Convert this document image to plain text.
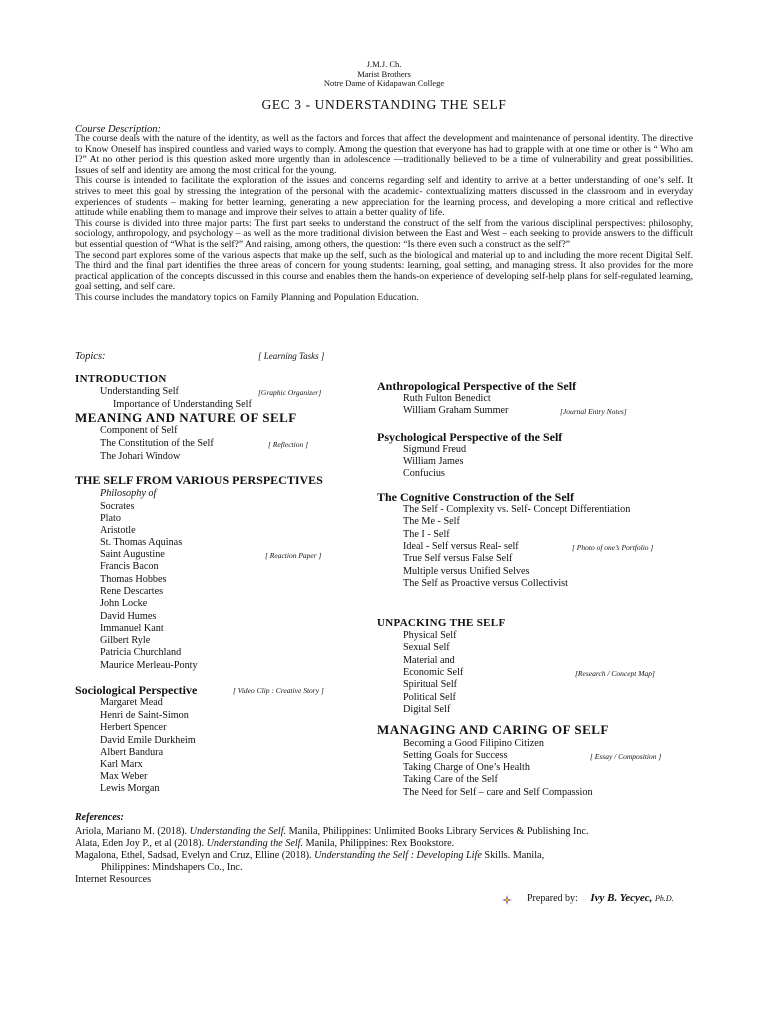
J.M.J. Ch.
Marist Brothers
Notre Dame of Kidapawan College
GEC 3 - UNDERSTANDING THE SELF
Course Description:

The course deals with the nature of the identity, as well as the factors and forces that affect the development and maintenance of personal identity. The directive to Know Oneself has inspired countless and varied ways to comply. Among the question that everyone has had to grapple with at one time or other is “ Who am I?” At no other period is this question asked more urgently than in adolescence —traditionally believed to be a time of vulnerability and great possibilities. Issues of self and identity are among the most critical for the young.

This course is intended to facilitate the exploration of the issues and concerns regarding self and identity to arrive at a better understanding of one’s self. It strives to meet this goal by stressing the integration of the personal with the academic- contextualizing matters discussed in the classroom and in everyday experiences of students – making for better learning, generating a new appreciation for the learning process, and developing a more critical and reflective attitude while enabling them to manage and improve their selves to attain a better quality of life.

This course is divided into three major parts: The first part seeks to understand the construct of the self from the various disciplinal perspectives: philosophy, sociology, anthropology, and psychology – as well as the more traditional division between the East and West – each seeking to provide answers to the difficult but essential question of “What is the self?” And raising, among others, the question: “Is there even such a construct as the self?”

The second part explores some of the various aspects that make up the self, such as the biological and material up to and including the more recent Digital Self. The third and the final part identifies the three areas of concern for young students: learning, goal setting, and managing stress. It also provides for the more practical application of the concepts discussed in this course and enables them the hands-on experience of developing self-help plans for self-regulated learning, goal setting, and self care.

This course includes the mandatory topics on Family Planning and Population Education.

Topics:	[ Learning Tasks ]
INTRODUCTION
Understanding Self	[Graphic Organizer]
Importance of Understanding Self
MEANING AND NATURE OF SELF
Component of Self
The Constitution of the Self	[ Reflection ]
The Johari Window
THE SELF FROM VARIOUS PERSPECTIVES
Philosophy of
Socrates
Plato
Aristotle
St. Thomas Aquinas
Saint Augustine	[ Reaction Paper ]
Francis Bacon
Thomas Hobbes
Rene Descartes
John Locke
David Humes
Immanuel Kant
Gilbert Ryle
Patricia Churchland
Maurice Merleau-Ponty
Sociological Perspective	[ Video Clip : Creative Story ]
Margaret Mead
Henri de Saint-Simon
Herbert Spencer
David Emile Durkheim
Albert Bandura
Karl Marx
Max Weber
Lewis Morgan
Anthropological Perspective of the Self
Ruth Fulton Benedict
William Graham Summer	[Journal Entry Notes]
Psychological Perspective of the Self
Sigmund Freud
William James
Confucius
The Cognitive Construction of the Self
The Self - Complexity vs. Self- Concept Differentiation
The Me - Self
The I - Self
Ideal - Self versus Real- self	[ Photo of one’s Portfolio ]
True Self versus False Self
Multiple versus Unified Selves
The Self as Proactive versus Collectivist
UNPACKING THE SELF
Physical Self
Sexual Self
Material and
Economic Self	[Research / Concept Map]
Spiritual Self
Political Self
Digital Self
MANAGING AND CARING OF SELF
Becoming a Good Filipino Citizen
Setting Goals for Success	[ Essay / Composition ]
Taking Charge of One’s Health
Taking Care of the Self
The Need for Self – care and Self Compassion
References:
Ariola, Mariano M. (2018). Understanding the Self. Manila, Philippines: Unlimited Books Library Services & Publishing Inc.
Alata, Eden Joy P., et al (2018). Understanding the Self. Manila, Philippines: Rex Bookstore.
Magalona, Ethel, Sadsad, Evelyn and Cruz, Elline (2018). Understanding the Self : Developing Life Skills. Manila,
Philippines: Mindshapers Co., Inc.
Internet Resources
Prepared by: Ivy B. Yecyec, Ph.D.
